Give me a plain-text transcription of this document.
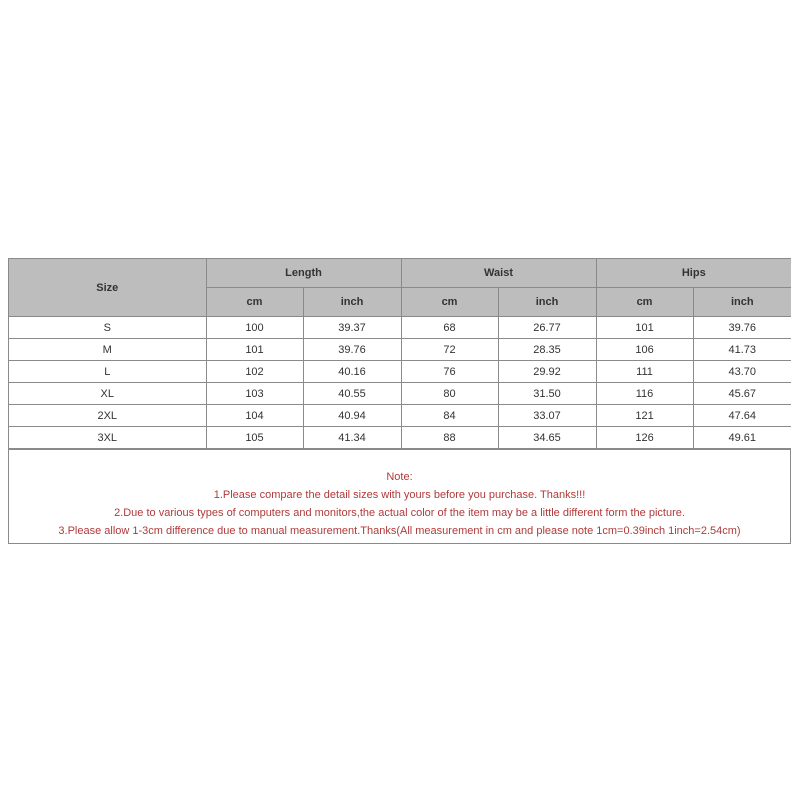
Size	Length		Waist		Hips	
	cm	inch	cm	inch	cm	inch
S	100	39.37	68	26.77	101	39.76
M	101	39.76	72	28.35	106	41.73
L	102	40.16	76	29.92	111	43.70
XL	103	40.55	80	31.50	116	45.67
2XL	104	40.94	84	33.07	121	47.64
3XL	105	41.34	88	34.65	126	49.61
Note:
1.Please compare the detail sizes with yours before you purchase. Thanks!!!
2.Due to various types of computers and monitors,the actual color of the item may be a little different form the picture.
3.Please allow 1-3cm difference due to manual measurement.Thanks(All measurement in cm and please note 1cm=0.39inch 1inch=2.54cm)
